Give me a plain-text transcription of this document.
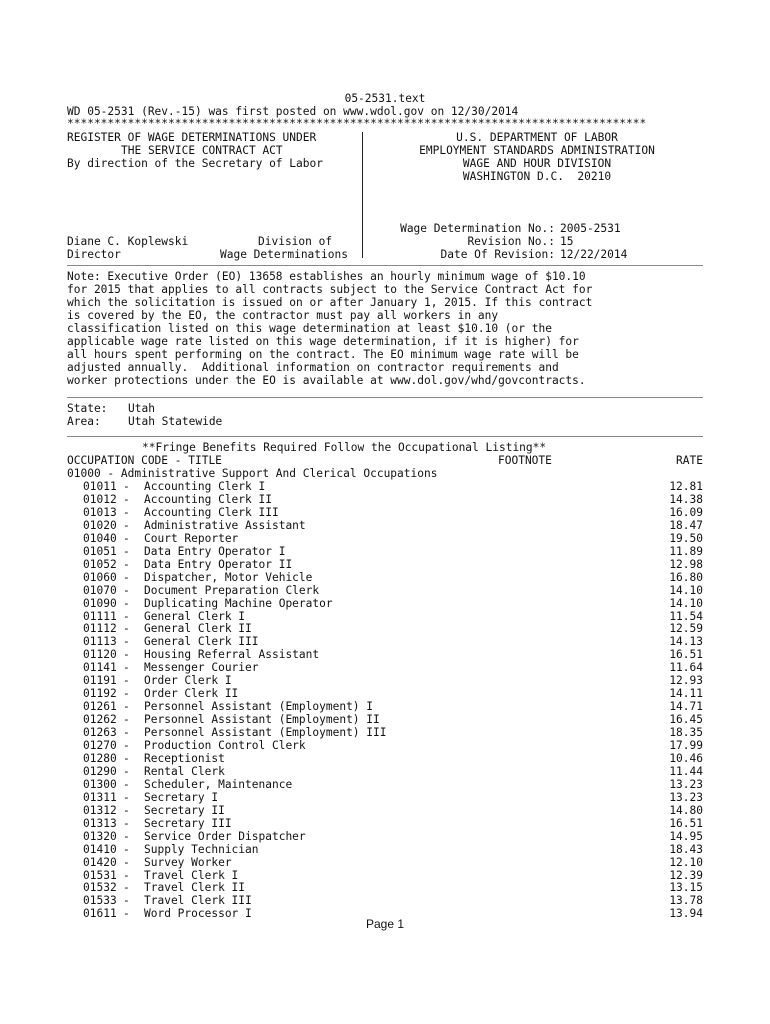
05-2531.text
WD 05-2531 (Rev.-15) was first posted on www.wdol.gov on 12/30/2014
**************************************************************************************
REGISTER OF WAGE DETERMINATIONS UNDER
THE SERVICE CONTRACT ACT
By direction of the Secretary of Labor
U.S. DEPARTMENT OF LABOR
EMPLOYMENT STANDARDS ADMINISTRATION
WAGE AND HOUR DIVISION
WASHINGTON D.C.  20210
Wage Determination No.: 2005-2531
Revision No.: 15
Date Of Revision: 12/22/2014
Diane C. Koplewski
Director
Division of
Wage Determinations
Note: Executive Order (EO) 13658 establishes an hourly minimum wage of $10.10
for 2015 that applies to all contracts subject to the Service Contract Act for
which the solicitation is issued on or after January 1, 2015. If this contract
is covered by the EO, the contractor must pay all workers in any
classification listed on this wage determination at least $10.10 (or the
applicable wage rate listed on this wage determination, if it is higher) for
all hours spent performing on the contract. The EO minimum wage rate will be
adjusted annually.  Additional information on contractor requirements and
worker protections under the EO is available at www.dol.gov/whd/govcontracts.
State: Utah
Area: Utah Statewide
**Fringe Benefits Required Follow the Occupational Listing**
OCCUPATION CODE - TITLE	FOOTNOTE	RATE
01000 - Administrative Support And Clerical Occupations
01011 - Accounting Clerk I	12.81
01012 - Accounting Clerk II	14.38
01013 - Accounting Clerk III	16.09
01020 - Administrative Assistant	18.47
01040 - Court Reporter	19.50
01051 - Data Entry Operator I	11.89
01052 - Data Entry Operator II	12.98
01060 - Dispatcher, Motor Vehicle	16.80
01070 - Document Preparation Clerk	14.10
01090 - Duplicating Machine Operator	14.10
01111 - General Clerk I	11.54
01112 - General Clerk II	12.59
01113 - General Clerk III	14.13
01120 - Housing Referral Assistant	16.51
01141 - Messenger Courier	11.64
01191 - Order Clerk I	12.93
01192 - Order Clerk II	14.11
01261 - Personnel Assistant (Employment) I	14.71
01262 - Personnel Assistant (Employment) II	16.45
01263 - Personnel Assistant (Employment) III	18.35
01270 - Production Control Clerk	17.99
01280 - Receptionist	10.46
01290 - Rental Clerk	11.44
01300 - Scheduler, Maintenance	13.23
01311 - Secretary I	13.23
01312 - Secretary II	14.80
01313 - Secretary III	16.51
01320 - Service Order Dispatcher	14.95
01410 - Supply Technician	18.43
01420 - Survey Worker	12.10
01531 - Travel Clerk I	12.39
01532 - Travel Clerk II	13.15
01533 - Travel Clerk III	13.78
01611 - Word Processor I	13.94
Page 1
